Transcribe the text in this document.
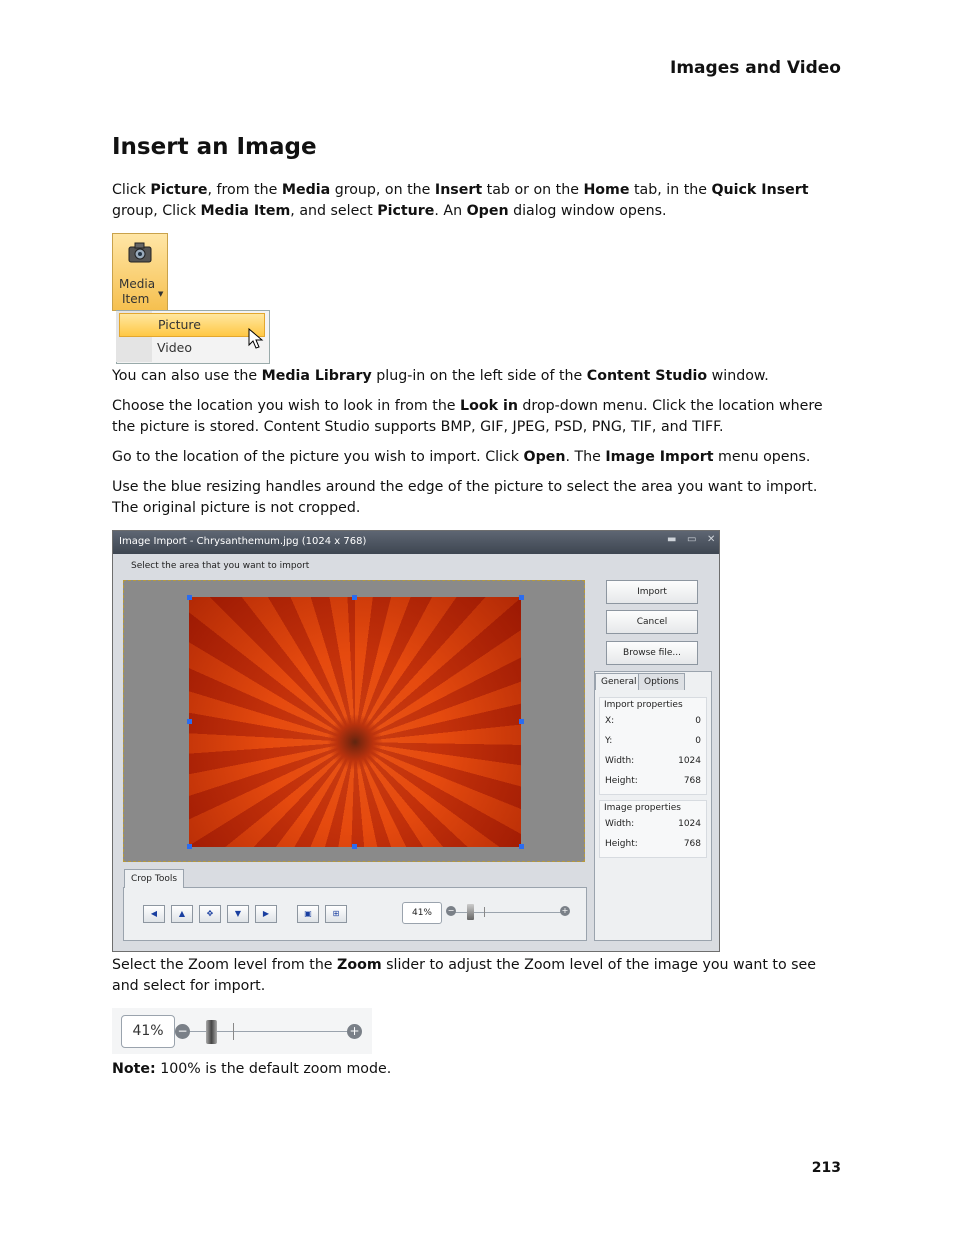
Images and Video
Insert an Image

Click Picture, from the Media group, on the Insert tab or on the Home tab, in the Quick Insert group, Click Media Item, and select Picture. An Open dialog window opens.

Media
Item ▼
Picture
Video

You can also use the Media Library plug-in on the left side of the Content Studio window.

Choose the location you wish to look in from the Look in drop-down menu. Click the location where the picture is stored. Content Studio supports BMP, GIF, JPEG, PSD, PNG, TIF, and TIFF.

Go to the location of the picture you wish to import. Click Open. The Image Import menu opens.

Use the blue resizing handles around the edge of the picture to select the area you want to import. The original picture is not cropped.

Image Import - Chrysanthemum.jpg (1024 x 768)	▬ ▭ ✕
Select the area that you want to import
Import
Cancel
Browse file...
General Options
Import properties
X:	0
Y:	0
Width:	1024
Height:	768
Image properties
Width:	1024
Height:	768
Crop Tools
◀	▲	✥	▼	▶	▣	⊞	41%	−	+

Select the Zoom level from the Zoom slider to adjust the Zoom level of the image you want to see and select for import.

41%	−	+

Note: 100% is the default zoom mode.

213
